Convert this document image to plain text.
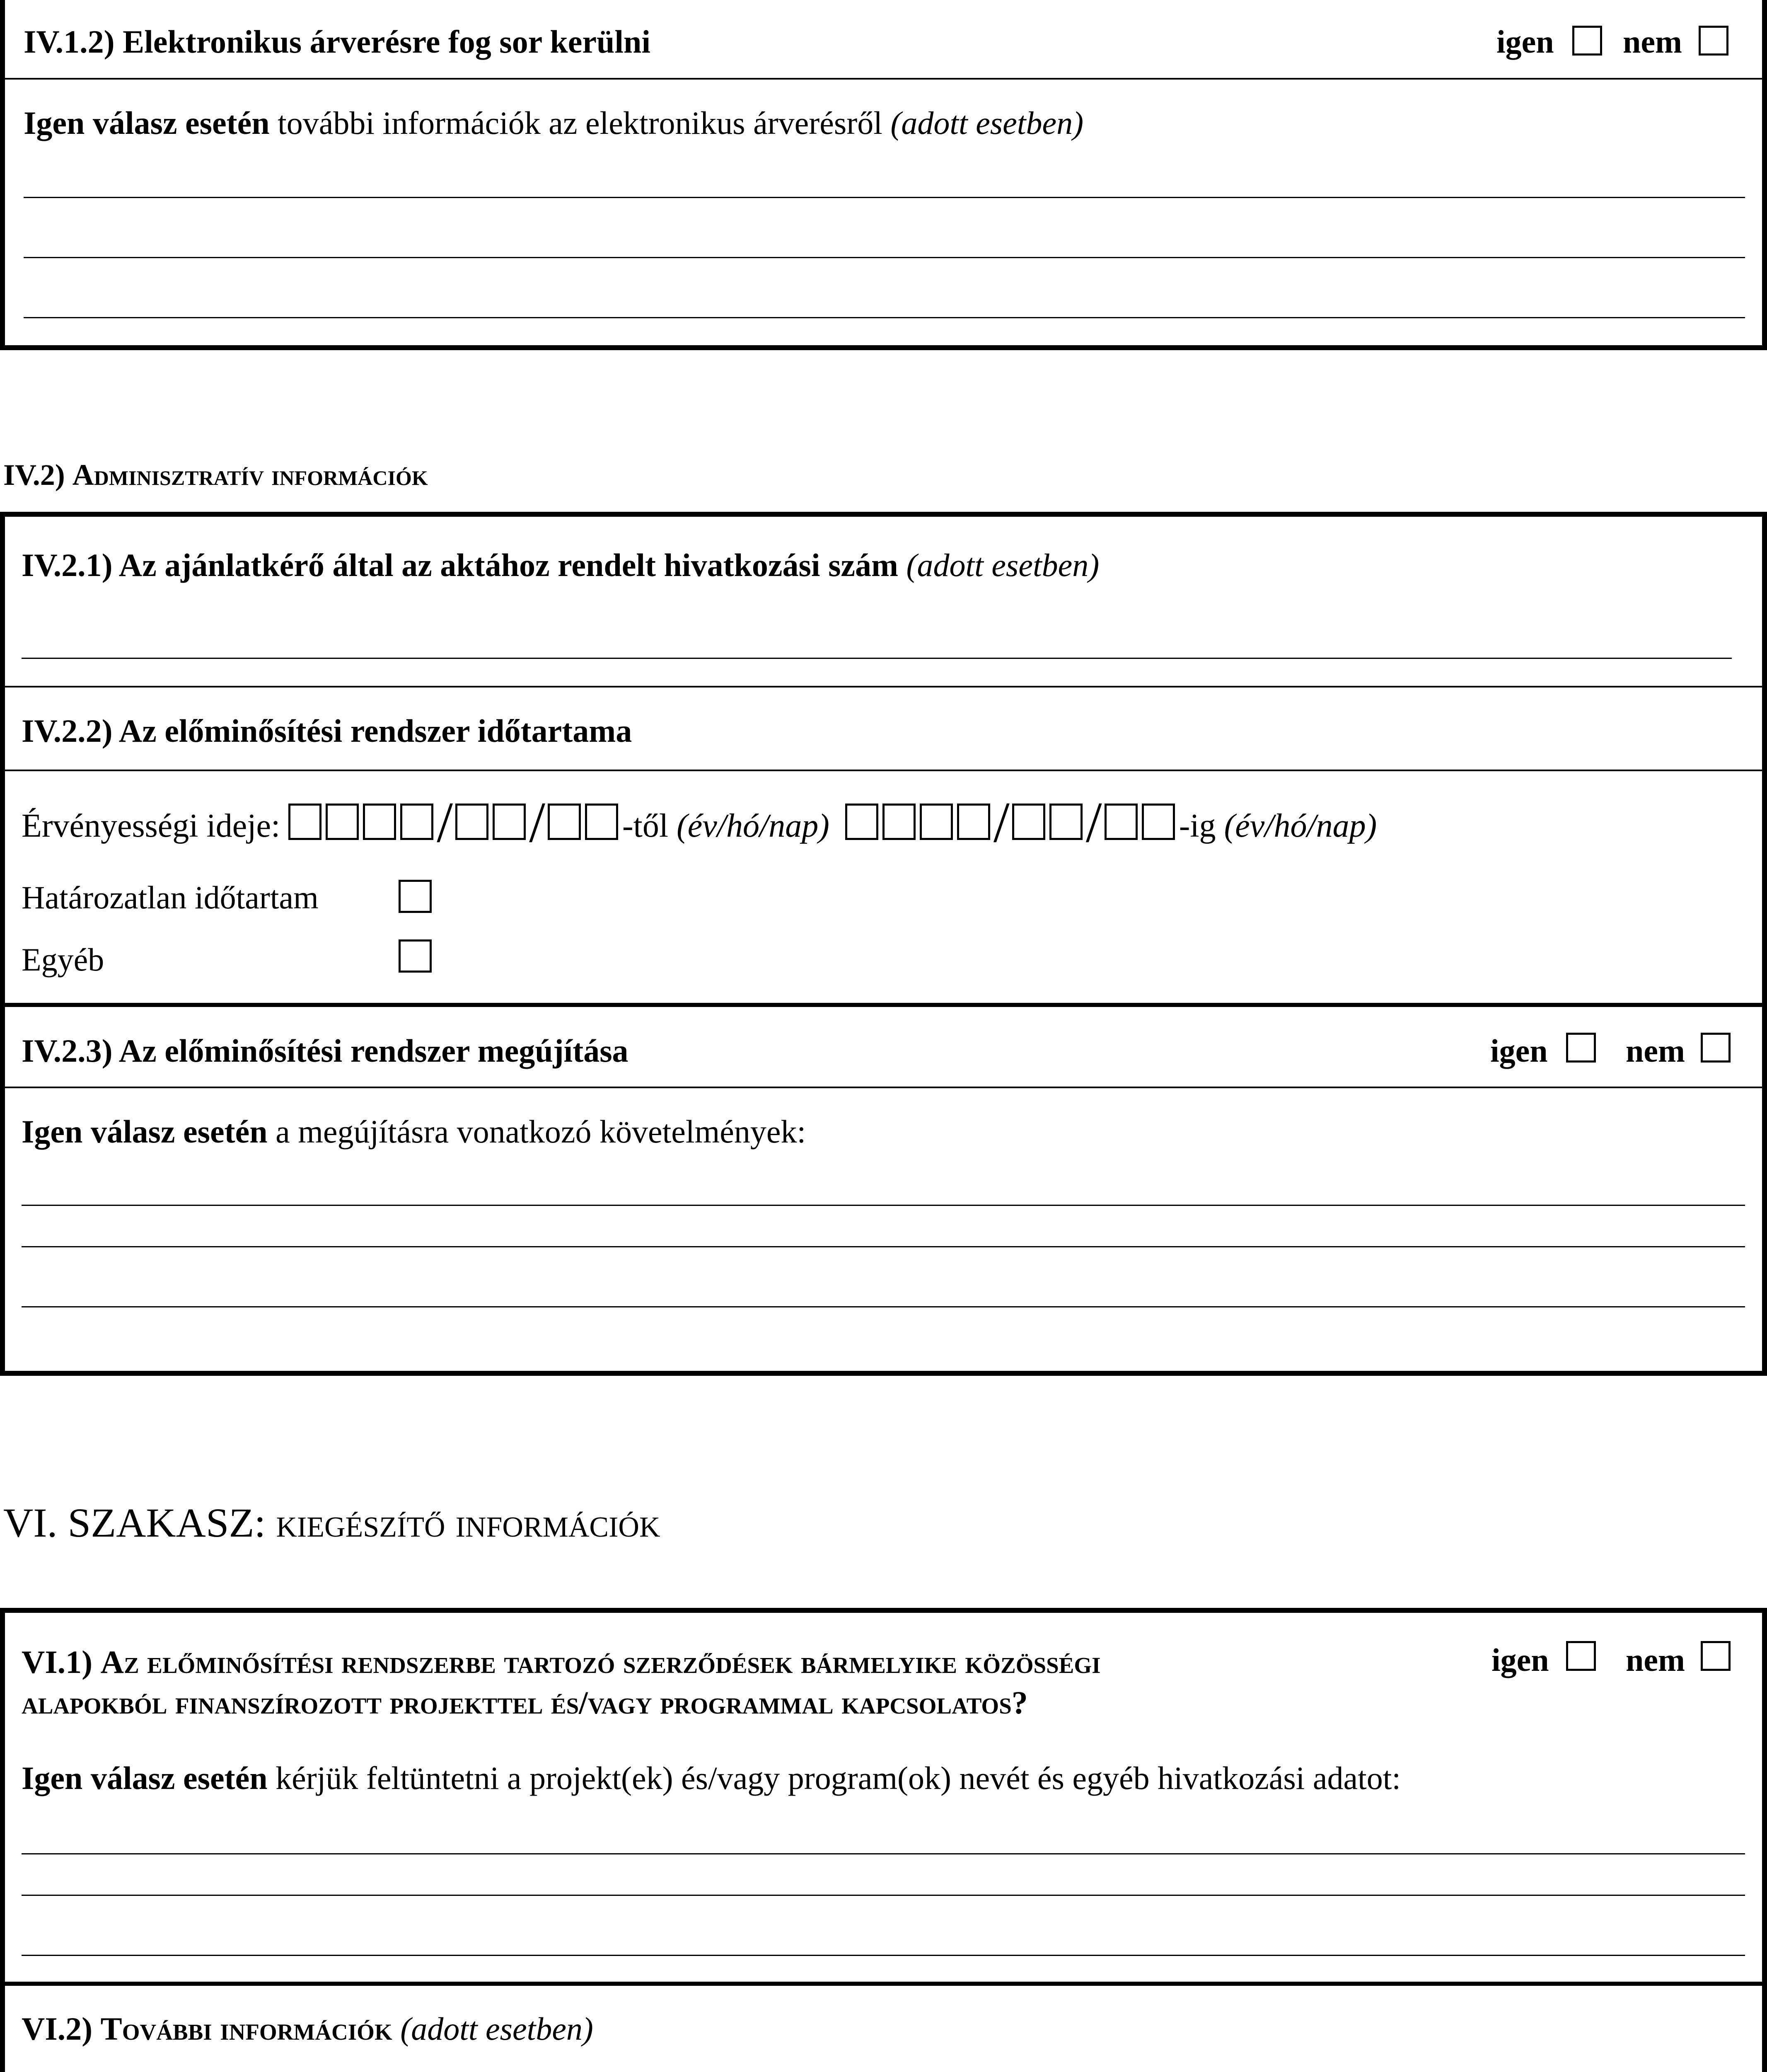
IV.1.2) Elektronikus árverésre fog sor kerülni	igen nem
Igen válasz esetén további információk az elektronikus árverésről (adott esetben)
IV.2) Adminisztratív információk
IV.2.1) Az ajánlatkérő által az aktához rendelt hivatkozási szám (adott esetben)
IV.2.2) Az előminősítési rendszer időtartama
Érvényességi ideje:	/ / -től (év/hó/nap)	/ / -ig (év/hó/nap)
Határozatlan időtartam
Egyéb
IV.2.3) Az előminősítési rendszer megújítása	igen nem
Igen válasz esetén a megújításra vonatkozó követelmények:
VI. SZAKASZ: kiegészítő információk
VI.1) Az előminősítési rendszerbe tartozó szerződések bármelyike közösségi
alapokból finanszírozott projekttel és/vagy programmal kapcsolatos?
igen nem
Igen válasz esetén kérjük feltüntetni a projekt(ek) és/vagy program(ok) nevét és egyéb hivatkozási adatot:
VI.2) További információk (adott esetben)
